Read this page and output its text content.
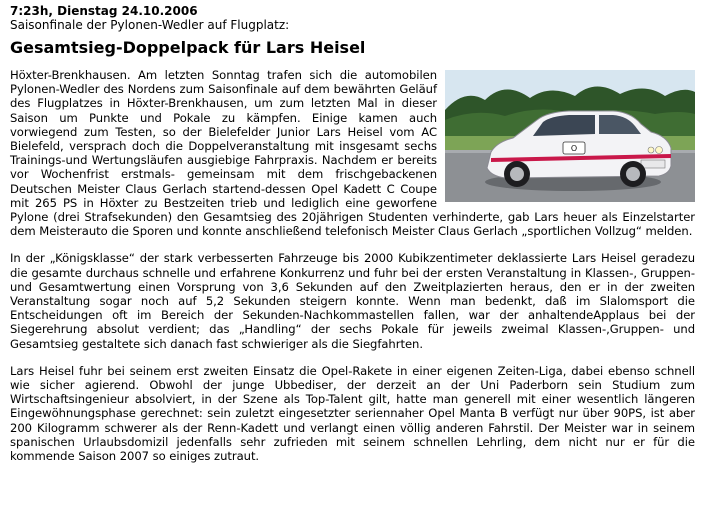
7:23h, Dienstag 24.10.2006
Saisonfinale der Pylonen-Wedler auf Flugplatz:
Gesamtsieg-Doppelpack für Lars Heisel
O

Höxter-Brenkhausen. Am letzten Sonntag trafen sich die automobilen Pylonen-Wedler des Nordens zum Saisonfinale auf dem bewährten Geläuf des Flugplatzes in Höxter-Brenkhausen, um zum letzten Mal in dieser Saison um Punkte und Pokale zu kämpfen. Einige kamen auch vorwiegend zum Testen, so der Bielefelder Junior Lars Heisel vom AC Bielefeld, versprach doch die Doppelveranstaltung mit insgesamt sechs Trainings-und Wertungsläufen ausgiebige Fahrpraxis. Nachdem er bereits vor Wochenfrist erstmals- gemeinsam mit dem frischgebackenen Deutschen Meister Claus Gerlach startend-dessen Opel Kadett C Coupe mit 265 PS in Höxter zu Bestzeiten trieb und lediglich eine geworfene Pylone (drei Strafsekunden) den Gesamtsieg des 20jährigen Studenten verhinderte, gab Lars heuer als Einzelstarter dem Meisterauto die Sporen und konnte anschließend telefonisch Meister Claus Gerlach „sportlichen Vollzug“ melden.

In der „Königsklasse“ der stark verbesserten Fahrzeuge bis 2000 Kubikzentimeter deklassierte Lars Heisel geradezu die gesamte durchaus schnelle und erfahrene Konkurrenz und fuhr bei der ersten Veranstaltung in Klassen-, Gruppen- und Gesamtwertung einen Vorsprung von 3,6 Sekunden auf den Zweitplazierten heraus, den er in der zweiten Veranstaltung sogar noch auf 5,2 Sekunden steigern konnte. Wenn man bedenkt, daß im Slalomsport die Entscheidungen oft im Bereich der Sekunden-Nachkommastellen fallen, war der anhaltendeApplaus bei der Siegerehrung absolut verdient; das „Handling“ der sechs Pokale für jeweils zweimal Klassen-,Gruppen- und Gesamtsieg gestaltete sich danach fast schwieriger als die Siegfahrten.

Lars Heisel fuhr bei seinem erst zweiten Einsatz die Opel-Rakete in einer eigenen Zeiten-Liga, dabei ebenso schnell wie sicher agierend. Obwohl der junge Ubbediser, der derzeit an der Uni Paderborn sein Studium zum Wirtschaftsingenieur absolviert, in der Szene als Top-Talent gilt, hatte man generell mit einer wesentlich längeren Eingewöhnungsphase gerechnet: sein zuletzt eingesetzter seriennaher Opel Manta B verfügt nur über 90PS, ist aber 200 Kilogramm schwerer als der Renn-Kadett und verlangt einen völlig anderen Fahrstil. Der Meister war in seinem spanischen Urlaubsdomizil jedenfalls sehr zufrieden mit seinem schnellen Lehrling, dem nicht nur er für die kommende Saison 2007 so einiges zutraut.
